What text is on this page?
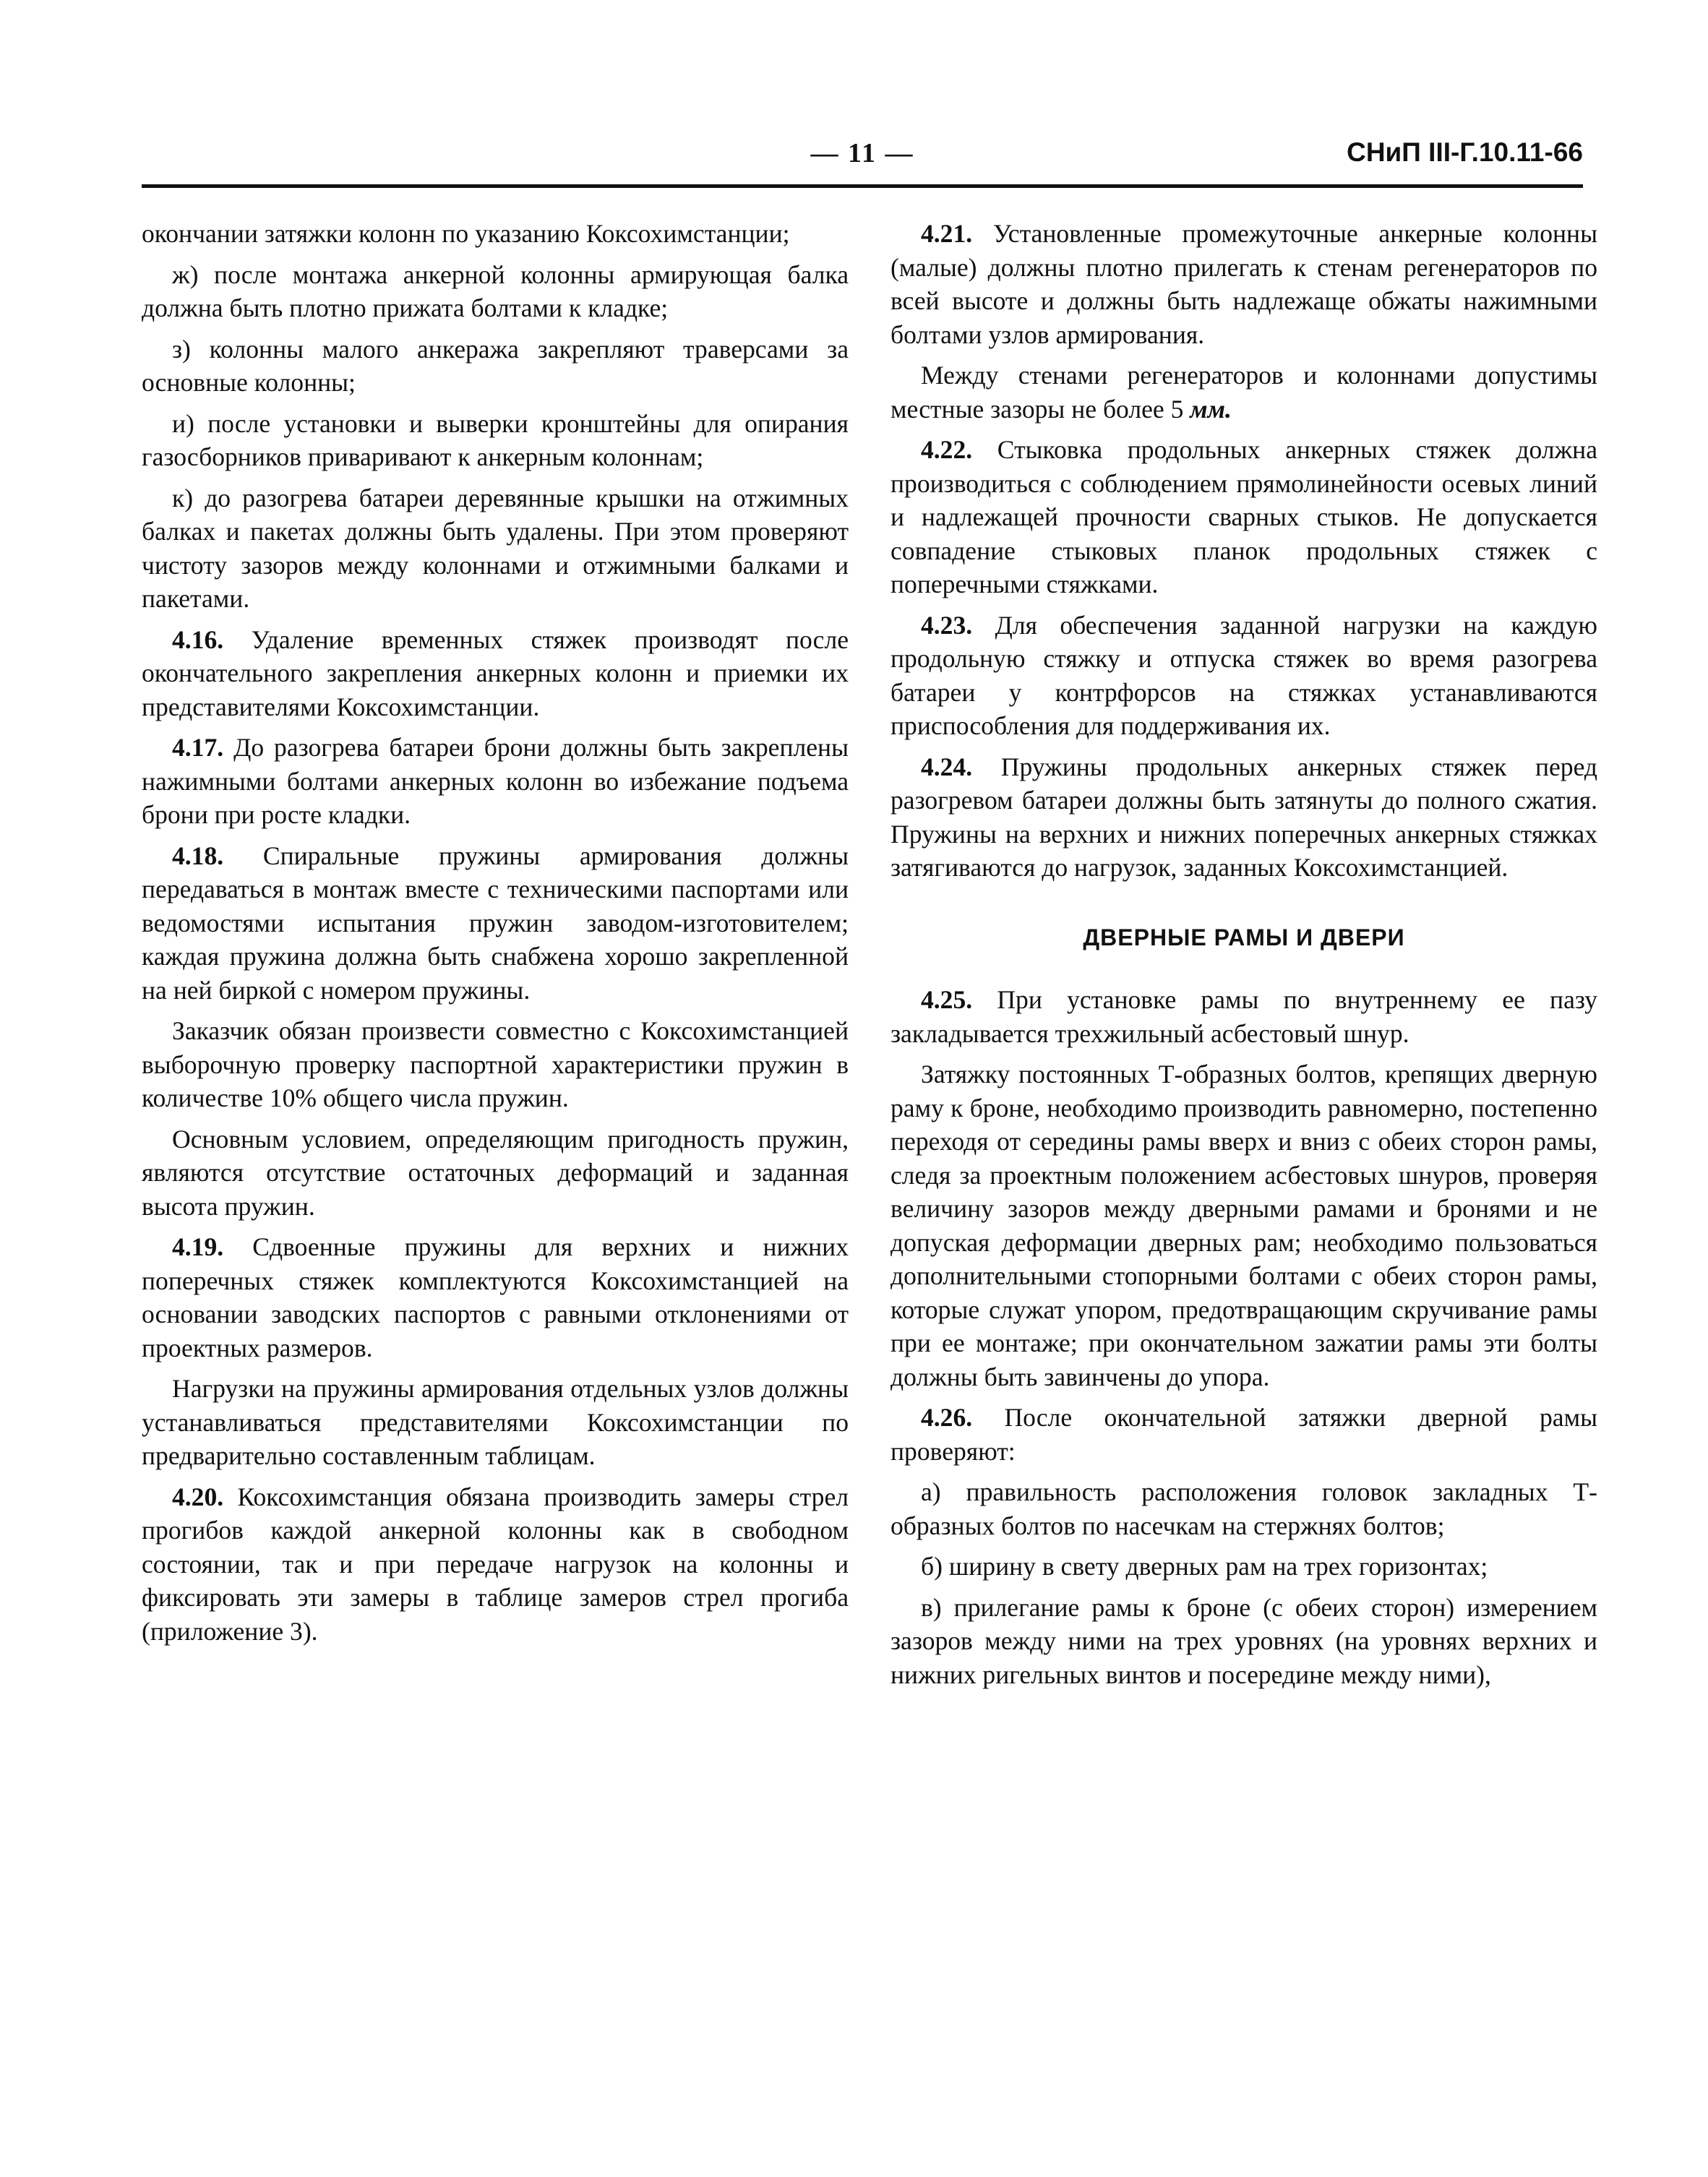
— 11 —	СНиП III-Г.10.11-66

окончании затяжки колонн по указанию Коксохимстанции;

ж) после монтажа анкерной колонны армирующая балка должна быть плотно прижата болтами к кладке;

з) колонны малого анкеража закрепляют траверсами за основные колонны;

и) после установки и выверки кронштейны для опирания газосборников приваривают к анкерным колоннам;

к) до разогрева батареи деревянные крышки на отжимных балках и пакетах должны быть удалены. При этом проверяют чистоту зазоров между колоннами и отжимными балками и пакетами.

4.16. Удаление временных стяжек производят после окончательного закрепления анкерных колонн и приемки их представителями Коксохимстанции.

4.17. До разогрева батареи брони должны быть закреплены нажимными болтами анкерных колонн во избежание подъема брони при росте кладки.

4.18. Спиральные пружины армирования должны передаваться в монтаж вместе с техническими паспортами или ведомостями испытания пружин заводом-изготовителем; каждая пружина должна быть снабжена хорошо закрепленной на ней биркой с номером пружины.

Заказчик обязан произвести совместно с Коксохимстанцией выборочную проверку паспортной характеристики пружин в количестве 10% общего числа пружин.

Основным условием, определяющим пригодность пружин, являются отсутствие остаточных деформаций и заданная высота пружин.

4.19. Сдвоенные пружины для верхних и нижних поперечных стяжек комплектуются Коксохимстанцией на основании заводских паспортов с равными отклонениями от проектных размеров.

Нагрузки на пружины армирования отдельных узлов должны устанавливаться представителями Коксохимстанции по предварительно составленным таблицам.

4.20. Коксохимстанция обязана производить замеры стрел прогибов каждой анкерной колонны как в свободном состоянии, так и при передаче нагрузок на колонны и фиксировать эти замеры в таблице замеров стрел прогиба (приложение 3).

4.21. Установленные промежуточные анкерные колонны (малые) должны плотно прилегать к стенам регенераторов по всей высоте и должны быть надлежаще обжаты нажимными болтами узлов армирования.

Между стенами регенераторов и колоннами допустимы местные зазоры не более 5 мм.

4.22. Стыковка продольных анкерных стяжек должна производиться с соблюдением прямолинейности осевых линий и надлежащей прочности сварных стыков. Не допускается совпадение стыковых планок продольных стяжек с поперечными стяжками.

4.23. Для обеспечения заданной нагрузки на каждую продольную стяжку и отпуска стяжек во время разогрева батареи у контрфорсов на стяжках устанавливаются приспособления для поддерживания их.

4.24. Пружины продольных анкерных стяжек перед разогревом батареи должны быть затянуты до полного сжатия. Пружины на верхних и нижних поперечных анкерных стяжках затягиваются до нагрузок, заданных Коксохимстанцией.

ДВЕРНЫЕ РАМЫ И ДВЕРИ

4.25. При установке рамы по внутреннему ее пазу закладывается трехжильный асбестовый шнур.

Затяжку постоянных Т-образных болтов, крепящих дверную раму к броне, необходимо производить равномерно, постепенно переходя от середины рамы вверх и вниз с обеих сторон рамы, следя за проектным положением асбестовых шнуров, проверяя величину зазоров между дверными рамами и бронями и не допуская деформации дверных рам; необходимо пользоваться дополнительными стопорными болтами с обеих сторон рамы, которые служат упором, предотвращающим скручивание рамы при ее монтаже; при окончательном зажатии рамы эти болты должны быть завинчены до упора.

4.26. После окончательной затяжки дверной рамы проверяют:

а) правильность расположения головок закладных Т-образных болтов по насечкам на стержнях болтов;

б) ширину в свету дверных рам на трех горизонтах;

в) прилегание рамы к броне (с обеих сторон) измерением зазоров между ними на трех уровнях (на уровнях верхних и нижних ригельных винтов и посередине между ними),
